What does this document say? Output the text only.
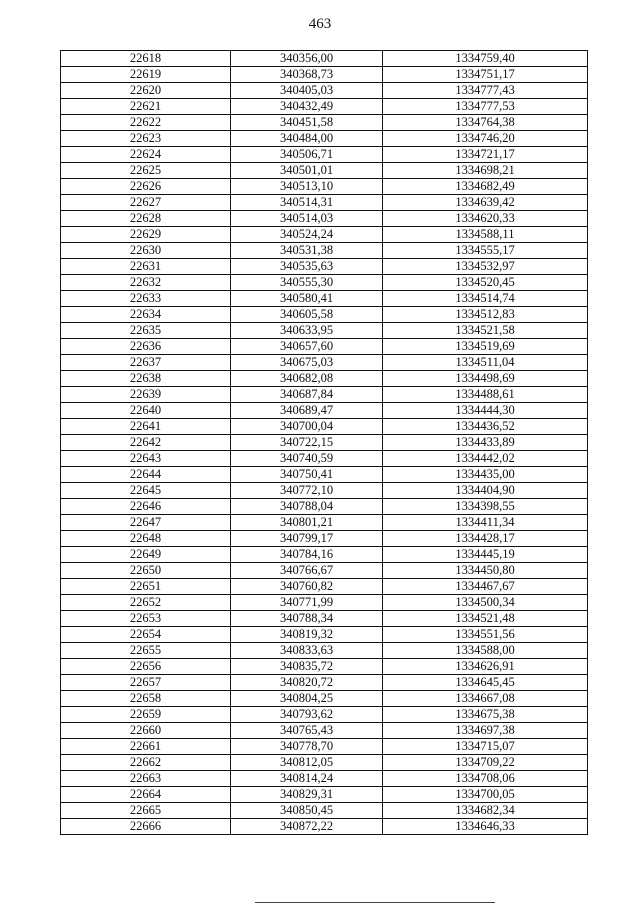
463
22618	340356,00	1334759,40
22619	340368,73	1334751,17
22620	340405,03	1334777,43
22621	340432,49	1334777,53
22622	340451,58	1334764,38
22623	340484,00	1334746,20
22624	340506,71	1334721,17
22625	340501,01	1334698,21
22626	340513,10	1334682,49
22627	340514,31	1334639,42
22628	340514,03	1334620,33
22629	340524,24	1334588,11
22630	340531,38	1334555,17
22631	340535,63	1334532,97
22632	340555,30	1334520,45
22633	340580,41	1334514,74
22634	340605,58	1334512,83
22635	340633,95	1334521,58
22636	340657,60	1334519,69
22637	340675,03	1334511,04
22638	340682,08	1334498,69
22639	340687,84	1334488,61
22640	340689,47	1334444,30
22641	340700,04	1334436,52
22642	340722,15	1334433,89
22643	340740,59	1334442,02
22644	340750,41	1334435,00
22645	340772,10	1334404,90
22646	340788,04	1334398,55
22647	340801,21	1334411,34
22648	340799,17	1334428,17
22649	340784,16	1334445,19
22650	340766,67	1334450,80
22651	340760,82	1334467,67
22652	340771,99	1334500,34
22653	340788,34	1334521,48
22654	340819,32	1334551,56
22655	340833,63	1334588,00
22656	340835,72	1334626,91
22657	340820,72	1334645,45
22658	340804,25	1334667,08
22659	340793,62	1334675,38
22660	340765,43	1334697,38
22661	340778,70	1334715,07
22662	340812,05	1334709,22
22663	340814,24	1334708,06
22664	340829,31	1334700,05
22665	340850,45	1334682,34
22666	340872,22	1334646,33
